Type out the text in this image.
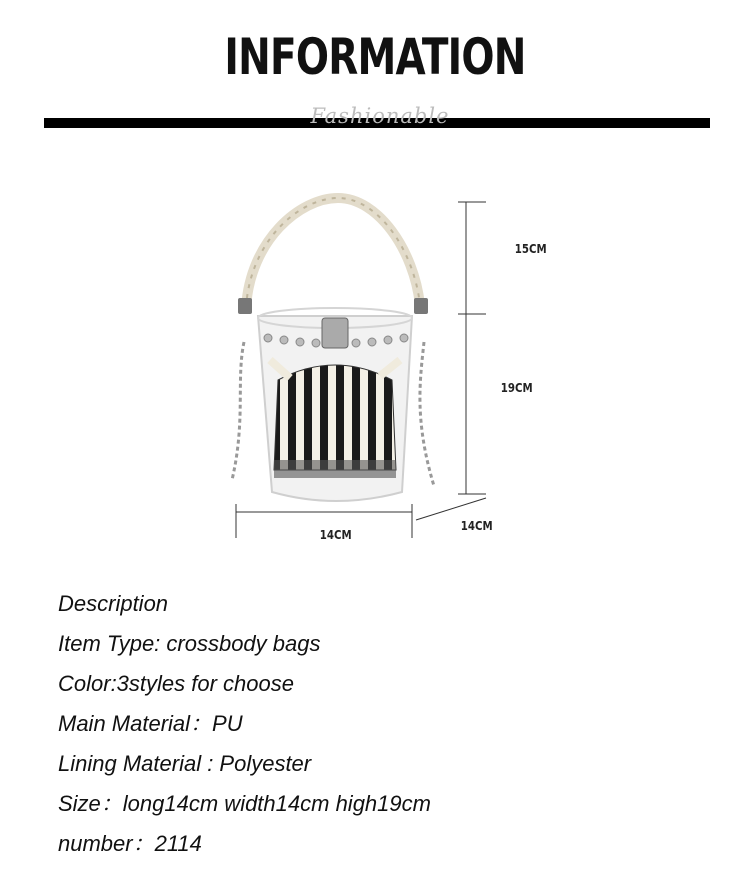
INFORMATION
Fashionable
15CM
19CM
14CM
14CM
Description
Item Type: crossbody bags
Color:3styles for choose
Main Material：PU
Lining Material : Polyester
Size：long14cm width14cm high19cm
number：2114
